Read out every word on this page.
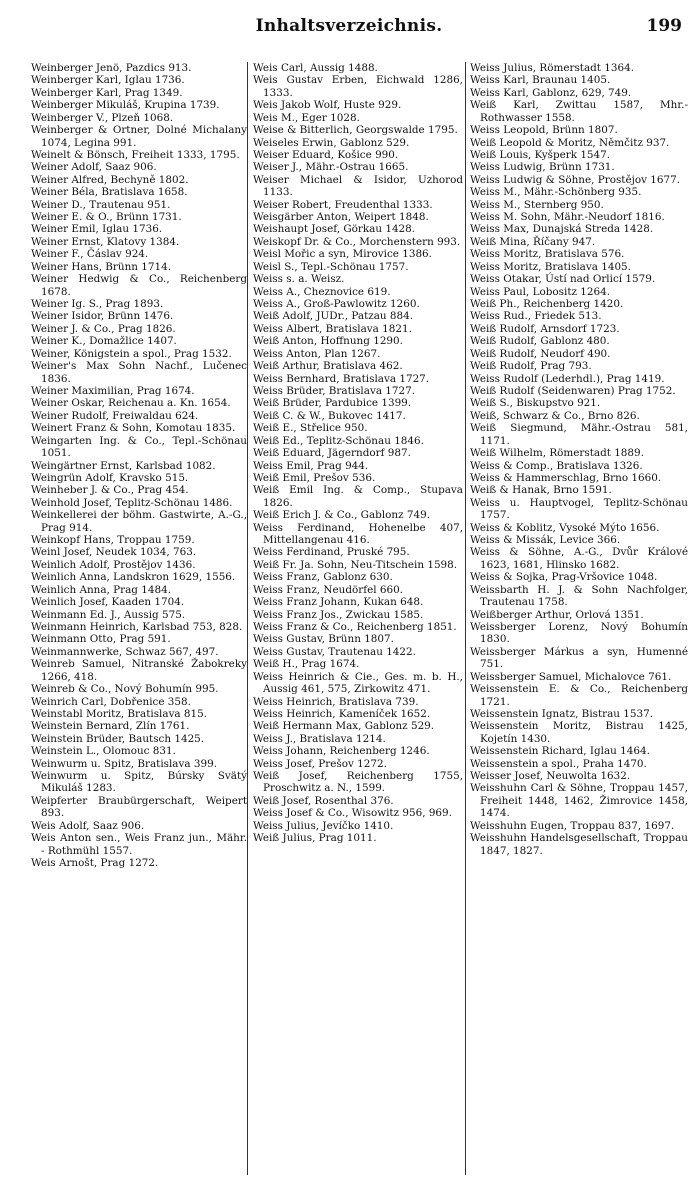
Inhaltsverzeichnis.	199

Weinberger Jenö, Pazdics 913.

Weinberger Karl, Iglau 1736.

Weinberger Karl, Prag 1349.

Weinberger Mikuláš, Krupina 1739.

Weinberger V., Plzeň 1068.

Weinberger & Ortner, Dolné Michalany 1074, Legina 991.

Weinelt & Bönsch, Freiheit 1333, 1795.

Weiner Adolf, Saaz 906.

Weiner Alfred, Bechyně 1802.

Weiner Béla, Bratislava 1658.

Weiner D., Trautenau 951.

Weiner E. & O., Brünn 1731.

Weiner Emil, Iglau 1736.

Weiner Ernst, Klatovy 1384.

Weiner F., Čáslav 924.

Weiner Hans, Brünn 1714.

Weiner Hedwig & Co., Reichenberg 1678.

Weiner Ig. S., Prag 1893.

Weiner Isidor, Brünn 1476.

Weiner J. & Co., Prag 1826.

Weiner K., Domažlice 1407.

Weiner, Königstein a spol., Prag 1532.

Weiner's Max Sohn Nachf., Lučenec 1836.

Weiner Maximilian, Prag 1674.

Weiner Oskar, Reichenau a. Kn. 1654.

Weiner Rudolf, Freiwaldau 624.

Weinert Franz & Sohn, Komotau 1835.

Weingarten Ing. & Co., Tepl.-Schönau 1051.

Weingärtner Ernst, Karlsbad 1082.

Weingrün Adolf, Kravsko 515.

Weinheber J. & Co., Prag 454.

Weinhold Josef, Teplitz-Schönau 1486.

Weinkellerei der böhm. Gastwirte, A.-G., Prag 914.

Weinkopf Hans, Troppau 1759.

Weinl Josef, Neudek 1034, 763.

Weinlich Adolf, Prostějov 1436.

Weinlich Anna, Landskron 1629, 1556.

Weinlich Anna, Prag 1484.

Weinlich Josef, Kaaden 1704.

Weinmann Ed. J., Aussig 575.

Weinmann Heinrich, Karlsbad 753, 828.

Weinmann Otto, Prag 591.

Weinmannwerke, Schwaz 567, 497.

Weinreb Samuel, Nitranské Žabokreky 1266, 418.

Weinreb & Co., Nový Bohumín 995.

Weinrich Carl, Dobřenice 358.

Weinstabl Moritz, Bratislava 815.

Weinstein Bernard, Zlín 1761.

Weinstein Brüder, Bautsch 1425.

Weinstein L., Olomouc 831.

Weinwurm u. Spitz, Bratislava 399.

Weinwurm u. Spitz, Búrsky Svätý Mikuláš 1283.

Weipferter Braubürgerschaft, Weipert 893.

Weis Adolf, Saaz 906.

Weis Anton sen., Weis Franz jun., Mähr. - Rothmühl 1557.

Weis Arnošt, Prag 1272.

Weis Carl, Aussig 1488.

Weis Gustav Erben, Eichwald 1286, 1333.

Weis Jakob Wolf, Huste 929.

Weis M., Eger 1028.

Weise & Bitterlich, Georgswalde 1795.

Weiseles Erwin, Gablonz 529.

Weiser Eduard, Košice 990.

Weiser J., Mähr.-Ostrau 1665.

Weiser Michael & Isidor, Uzhorod 1133.

Weiser Robert, Freudenthal 1333.

Weisgärber Anton, Weipert 1848.

Weishaupt Josef, Görkau 1428.

Weiskopf Dr. & Co., Morchenstern 993.

Weisl Mořic a syn, Mirovice 1386.

Weisl S., Tepl.-Schönau 1757.

Weiss s. a. Weisz.

Weiss A., Cheznovice 619.

Weiss A., Groß-Pawlowitz 1260.

Weiß Adolf, JUDr., Patzau 884.

Weiss Albert, Bratislava 1821.

Weiß Anton, Hoffnung 1290.

Weiss Anton, Plan 1267.

Weiß Arthur, Bratislava 462.

Weiss Bernhard, Bratislava 1727.

Weiss Brüder, Bratislava 1727.

Weiß Brüder, Pardubice 1399.

Weiß C. & W., Bukovec 1417.

Weiß E., Střelice 950.

Weiß Ed., Teplitz-Schönau 1846.

Weiß Eduard, Jägerndorf 987.

Weiss Emil, Prag 944.

Weiß Emil, Prešov 536.

Weiß Emil Ing. & Comp., Stupava 1826.

Weiß Erich J. & Co., Gablonz 749.

Weiss Ferdinand, Hohenelbe 407, Mittellangenau 416.

Weiss Ferdinand, Pruské 795.

Weiß Fr. Ja. Sohn, Neu-Titschein 1598.

Weiss Franz, Gablonz 630.

Weiss Franz, Neudörfel 660.

Weiss Franz Johann, Kukan 648.

Weiss Franz Jos., Zwickau 1585.

Weiss Franz & Co., Reichenberg 1851.

Weiss Gustav, Brünn 1807.

Weiss Gustav, Trautenau 1422.

Weiß H., Prag 1674.

Weiss Heinrich & Cie., Ges. m. b. H., Aussig 461, 575, Zirkowitz 471.

Weiss Heinrich, Bratislava 739.

Weiss Heinrich, Kameníček 1652.

Weiß Hermann Max, Gablonz 529.

Weiss J., Bratislava 1214.

Weiss Johann, Reichenberg 1246.

Weiss Josef, Prešov 1272.

Weiß Josef, Reichenberg 1755, Proschwitz a. N., 1599.

Weiß Josef, Rosenthal 376.

Weiss Josef & Co., Wisowitz 956, 969.

Weiss Julius, Jevíčko 1410.

Weiß Julius, Prag 1011.

Weiss Julius, Römerstadt 1364.

Weiss Karl, Braunau 1405.

Weiss Karl, Gablonz, 629, 749.

Weiß Karl, Zwittau 1587, Mhr.-Rothwasser 1558.

Weiss Leopold, Brünn 1807.

Weiß Leopold & Moritz, Němčitz 937.

Weiß Louis, Kyšperk 1547.

Weiss Ludwig, Brünn 1731.

Weiss Ludwig & Söhne, Prostějov 1677.

Weiss M., Mähr.-Schönberg 935.

Weiss M., Sternberg 950.

Weiss M. Sohn, Mähr.-Neudorf 1816.

Weiss Max, Dunajská Streda 1428.

Weiß Mina, Říčany 947.

Weiss Moritz, Bratislava 576.

Weiss Moritz, Bratislava 1405.

Weiss Otakar, Ústí nad Orlicí 1579.

Weiss Paul, Lobositz 1264.

Weiß Ph., Reichenberg 1420.

Weiss Rud., Friedek 513.

Weiß Rudolf, Arnsdorf 1723.

Weiß Rudolf, Gablonz 480.

Weiß Rudolf, Neudorf 490.

Weiß Rudolf, Prag 793.

Weiss Rudolf (Lederhdl.), Prag 1419.

Weiß Rudolf (Seidenwaren) Prag 1752.

Weiß S., Biskupstvo 921.

Weiß, Schwarz & Co., Brno 826.

Weiß Siegmund, Mähr.-Ostrau 581, 1171.

Weiß Wilhelm, Römerstadt 1889.

Weiss & Comp., Bratislava 1326.

Weiss & Hammerschlag, Brno 1660.

Weiß & Hanak, Brno 1591.

Weiss u. Hauptvogel, Teplitz-Schönau 1757.

Weiss & Koblitz, Vysoké Mýto 1656.

Weiss & Missák, Levice 366.

Weiss & Söhne, A.-G., Dvůr Králové 1623, 1681, Hlinsko 1682.

Weiss & Sojka, Prag-Vršovice 1048.

Weissbarth H. J. & Sohn Nachfolger, Trautenau 1758.

Weißberger Arthur, Orlová 1351.

Weissberger Lorenz, Nový Bohumín 1830.

Weissberger Márkus a syn, Humenné 751.

Weissberger Samuel, Michalovce 761.

Weissenstein E. & Co., Reichenberg 1721.

Weissenstein Ignatz, Bistrau 1537.

Weissenstein Moritz, Bistrau 1425, Kojetín 1430.

Weissenstein Richard, Iglau 1464.

Weissenstein a spol., Praha 1470.

Weisser Josef, Neuwolta 1632.

Weisshuhn Carl & Söhne, Troppau 1457, Freiheit 1448, 1462, Žimrovice 1458, 1474.

Weisshuhn Eugen, Troppau 837, 1697.

Weisshuhn Handelsgesellschaft, Troppau 1847, 1827.
